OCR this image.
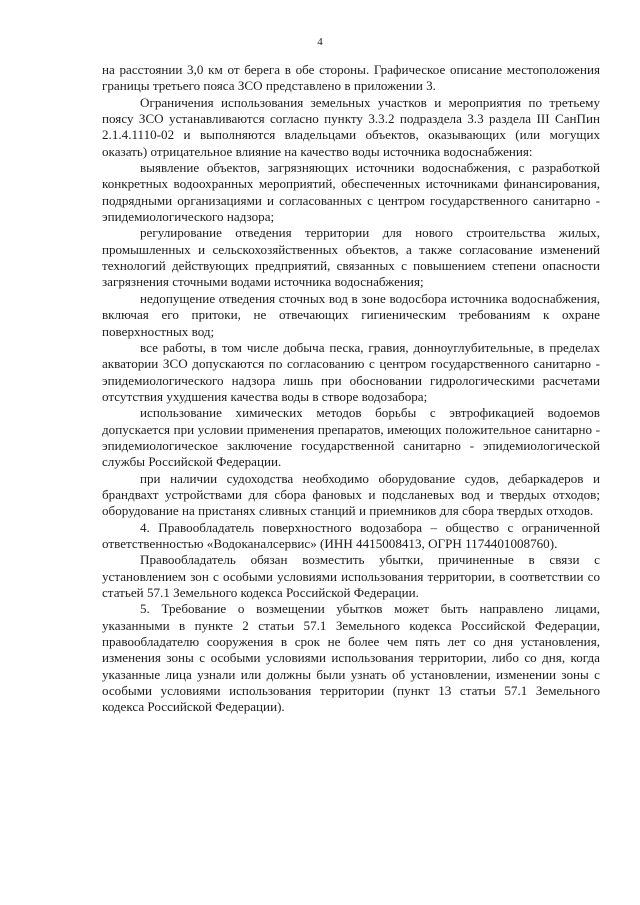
4

на расстоянии 3,0 км от берега в обе стороны. Графическое описание местоположения границы третьего пояса ЗСО представлено в приложении 3.

Ограничения использования земельных участков и мероприятия по третьему поясу ЗСО устанавливаются согласно пункту 3.3.2 подраздела 3.3 раздела III СанПин 2.1.4.1110-02 и выполняются владельцами объектов, оказывающих (или могущих оказать) отрицательное влияние на качество воды источника водоснабжения:

выявление объектов, загрязняющих источники водоснабжения, с разработкой конкретных водоохранных мероприятий, обеспеченных источниками финансирования, подрядными организациями и согласованных с центром государственного санитарно - эпидемиологического надзора;

регулирование отведения территории для нового строительства жилых, промышленных и сельскохозяйственных объектов, а также согласование изменений технологий действующих предприятий, связанных с повышением степени опасности загрязнения сточными водами источника водоснабжения;

недопущение отведения сточных вод в зоне водосбора источника водоснабжения, включая его притоки, не отвечающих гигиеническим требованиям к охране поверхностных вод;

все работы, в том числе добыча песка, гравия, донноуглубительные, в пределах акватории ЗСО допускаются по согласованию с центром государственного санитарно - эпидемиологического надзора лишь при обосновании гидрологическими расчетами отсутствия ухудшения качества воды в створе водозабора;

использование химических методов борьбы с эвтрофикацией водоемов допускается при условии применения препаратов, имеющих положительное санитарно - эпидемиологическое заключение государственной санитарно - эпидемиологической службы Российской Федерации.

при наличии судоходства необходимо оборудование судов, дебаркадеров и брандвахт устройствами для сбора фановых и подсланевых вод и твердых отходов; оборудование на пристанях сливных станций и приемников для сбора твердых отходов.

4. Правообладатель поверхностного водозабора – общество с ограниченной ответственностью «Водоканалсервис» (ИНН 4415008413, ОГРН 1174401008760).

Правообладатель обязан возместить убытки, причиненные в связи с установлением зон с особыми условиями использования территории, в соответствии со статьей 57.1 Земельного кодекса Российской Федерации.

5. Требование о возмещении убытков может быть направлено лицами, указанными в пункте 2 статьи 57.1 Земельного кодекса Российской Федерации, правообладателю сооружения в срок не более чем пять лет со дня установления, изменения зоны с особыми условиями использования территории, либо со дня, когда указанные лица узнали или должны были узнать об установлении, изменении зоны с особыми условиями использования территории (пункт 13 статьи 57.1 Земельного кодекса Российской Федерации).
